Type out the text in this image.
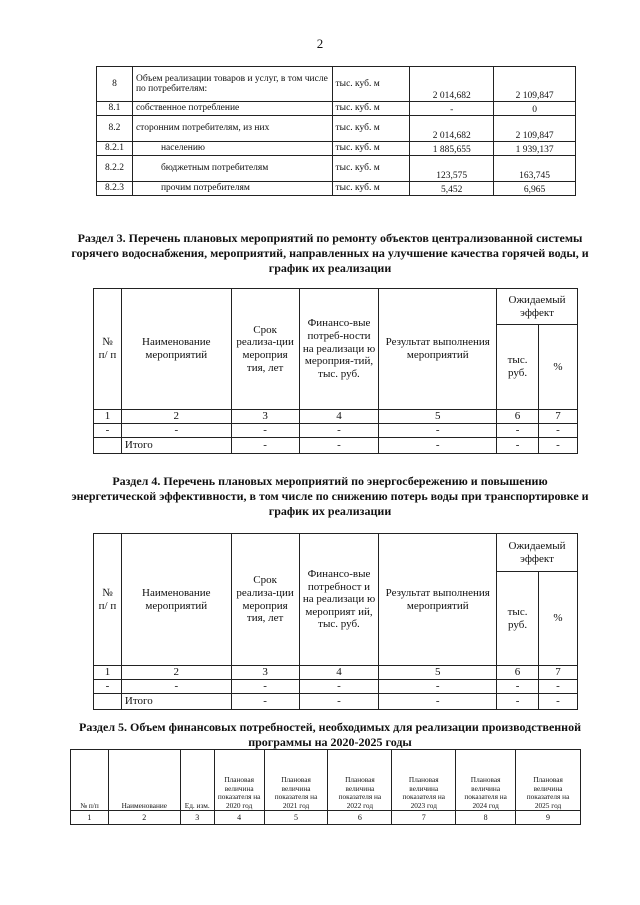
2
8	Объем реализации товаров и услуг, в том числе по потребителям:	тыс. куб. м	2 014,682	2 109,847
8.1	собственное потребление	тыс. куб. м	-	0
8.2	сторонним потребителям, из них	тыс. куб. м	2 014,682	2 109,847
8.2.1	населению	тыс. куб. м	1 885,655	1 939,137
8.2.2	бюджетным потребителям	тыс. куб. м	123,575	163,745
8.2.3	прочим потребителям	тыс. куб. м	5,452	6,965
Раздел 3. Перечень плановых мероприятий по ремонту объектов централизованной системы горячего водоснабжения, мероприятий, направленных на улучшение качества горячей воды, и график их реализации
№ п/ п	Наименование мероприятий	Срок реализа-ции мероприя тия, лет	Финансо-вые потреб-ности на реализаци ю мероприя-тий, тыс. руб.	Результат выполнения мероприятий	Ожидаемый эффект	
					тыс. руб.	%
1	2	3	4	5	6	7
-	-	-	-	-	-	-
	Итого	-	-	-	-	-
Раздел 4. Перечень плановых мероприятий по энергосбережению и повышению энергетической эффективности, в том числе по снижению потерь воды при транспортировке и график их реализации
№ п/ п	Наименование мероприятий	Срок реализа-ции мероприя тия, лет	Финансо-вые потребност и на реализаци ю мероприят ий, тыс. руб.	Результат выполнения мероприятий	Ожидаемый эффект	
					тыс. руб.	%
1	2	3	4	5	6	7
-	-	-	-	-	-	-
	Итого	-	-	-	-	-
Раздел 5. Объем финансовых потребностей, необходимых для реализации производственной программы на 2020-2025 годы
№ п/п	Наименование	Ед. изм.	Плановая величина показателя на 2020 год	Плановая величина показателя на 2021 год	Плановая величина показателя на 2022 год	Плановая величина показателя на 2023 год	Плановая величина показателя на 2024 год	Плановая величина показателя на 2025 год
1	2	3	4	5	6	7	8	9
